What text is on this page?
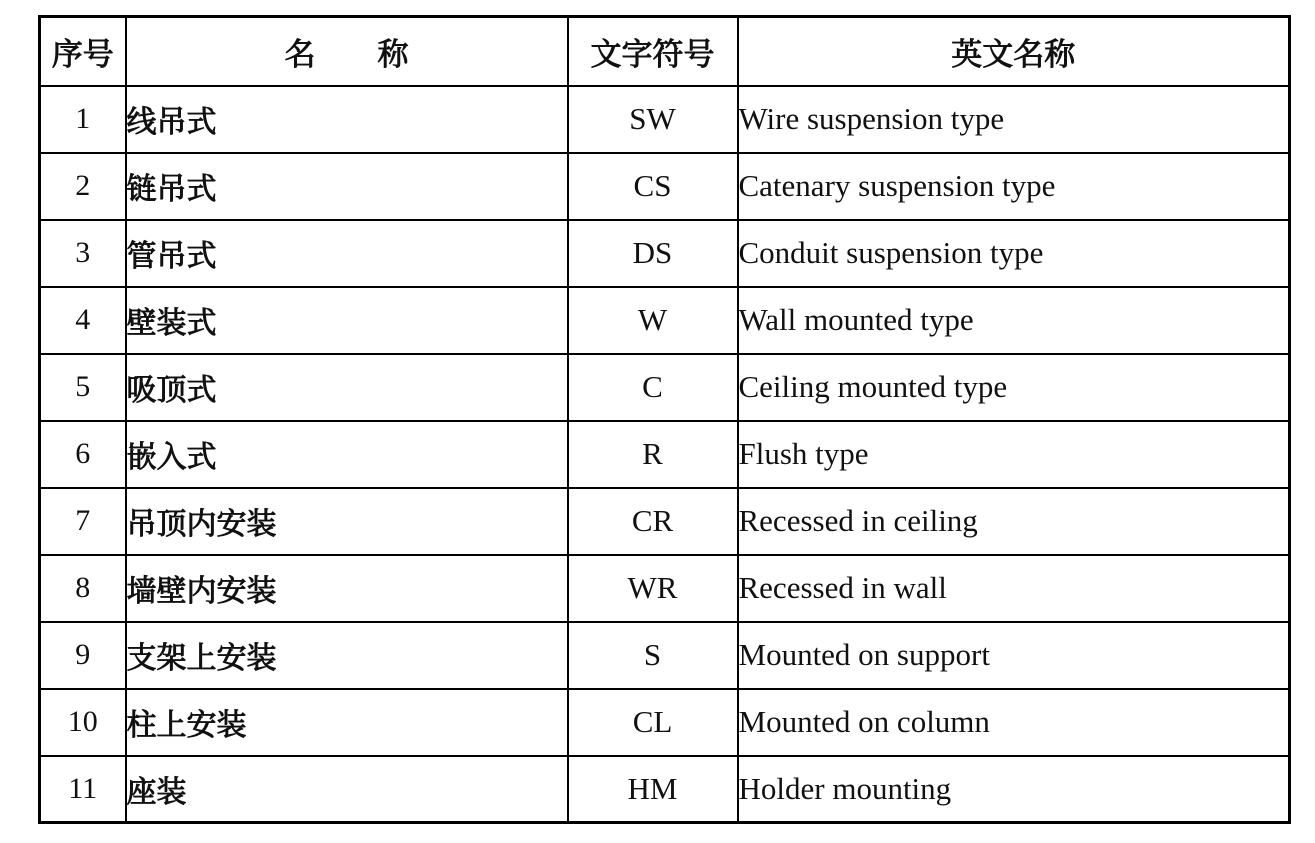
序号	名　　称	文字符号	英文名称
1	线吊式	SW	Wire suspension type
2	链吊式	CS	Catenary suspension type
3	管吊式	DS	Conduit suspension type
4	壁装式	W	Wall mounted type
5	吸顶式	C	Ceiling mounted type
6	嵌入式	R	Flush type
7	吊顶内安装	CR	Recessed in ceiling
8	墙壁内安装	WR	Recessed in wall
9	支架上安装	S	Mounted on support
10	柱上安装	CL	Mounted on column
11	座装	HM	Holder mounting
